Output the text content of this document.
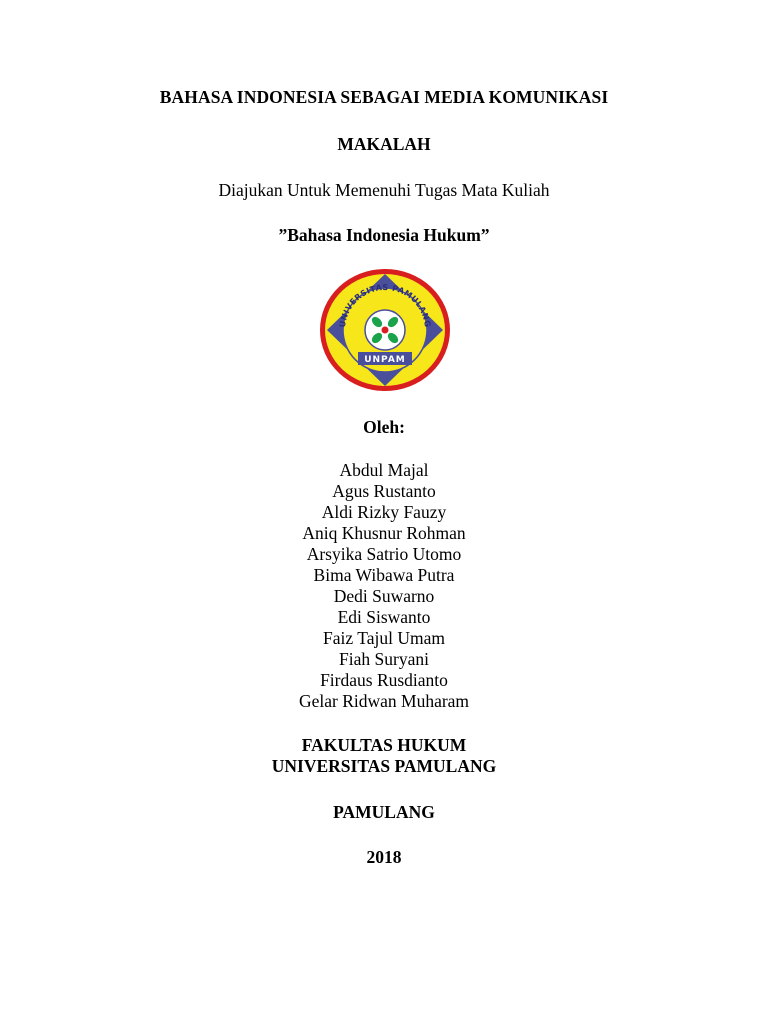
BAHASA INDONESIA SEBAGAI MEDIA KOMUNIKASI
MAKALAH
Diajukan Untuk Memenuhi Tugas Mata Kuliah
”Bahasa Indonesia Hukum”
UNIVERSITAS PAMULANG
UNPAM
Oleh:
Abdul Majal
Agus Rustanto
Aldi Rizky Fauzy
Aniq Khusnur Rohman
Arsyika Satrio Utomo
Bima Wibawa Putra
Dedi Suwarno
Edi Siswanto
Faiz Tajul Umam
Fiah Suryani
Firdaus Rusdianto
Gelar Ridwan Muharam
FAKULTAS HUKUM
UNIVERSITAS PAMULANG
PAMULANG
2018
